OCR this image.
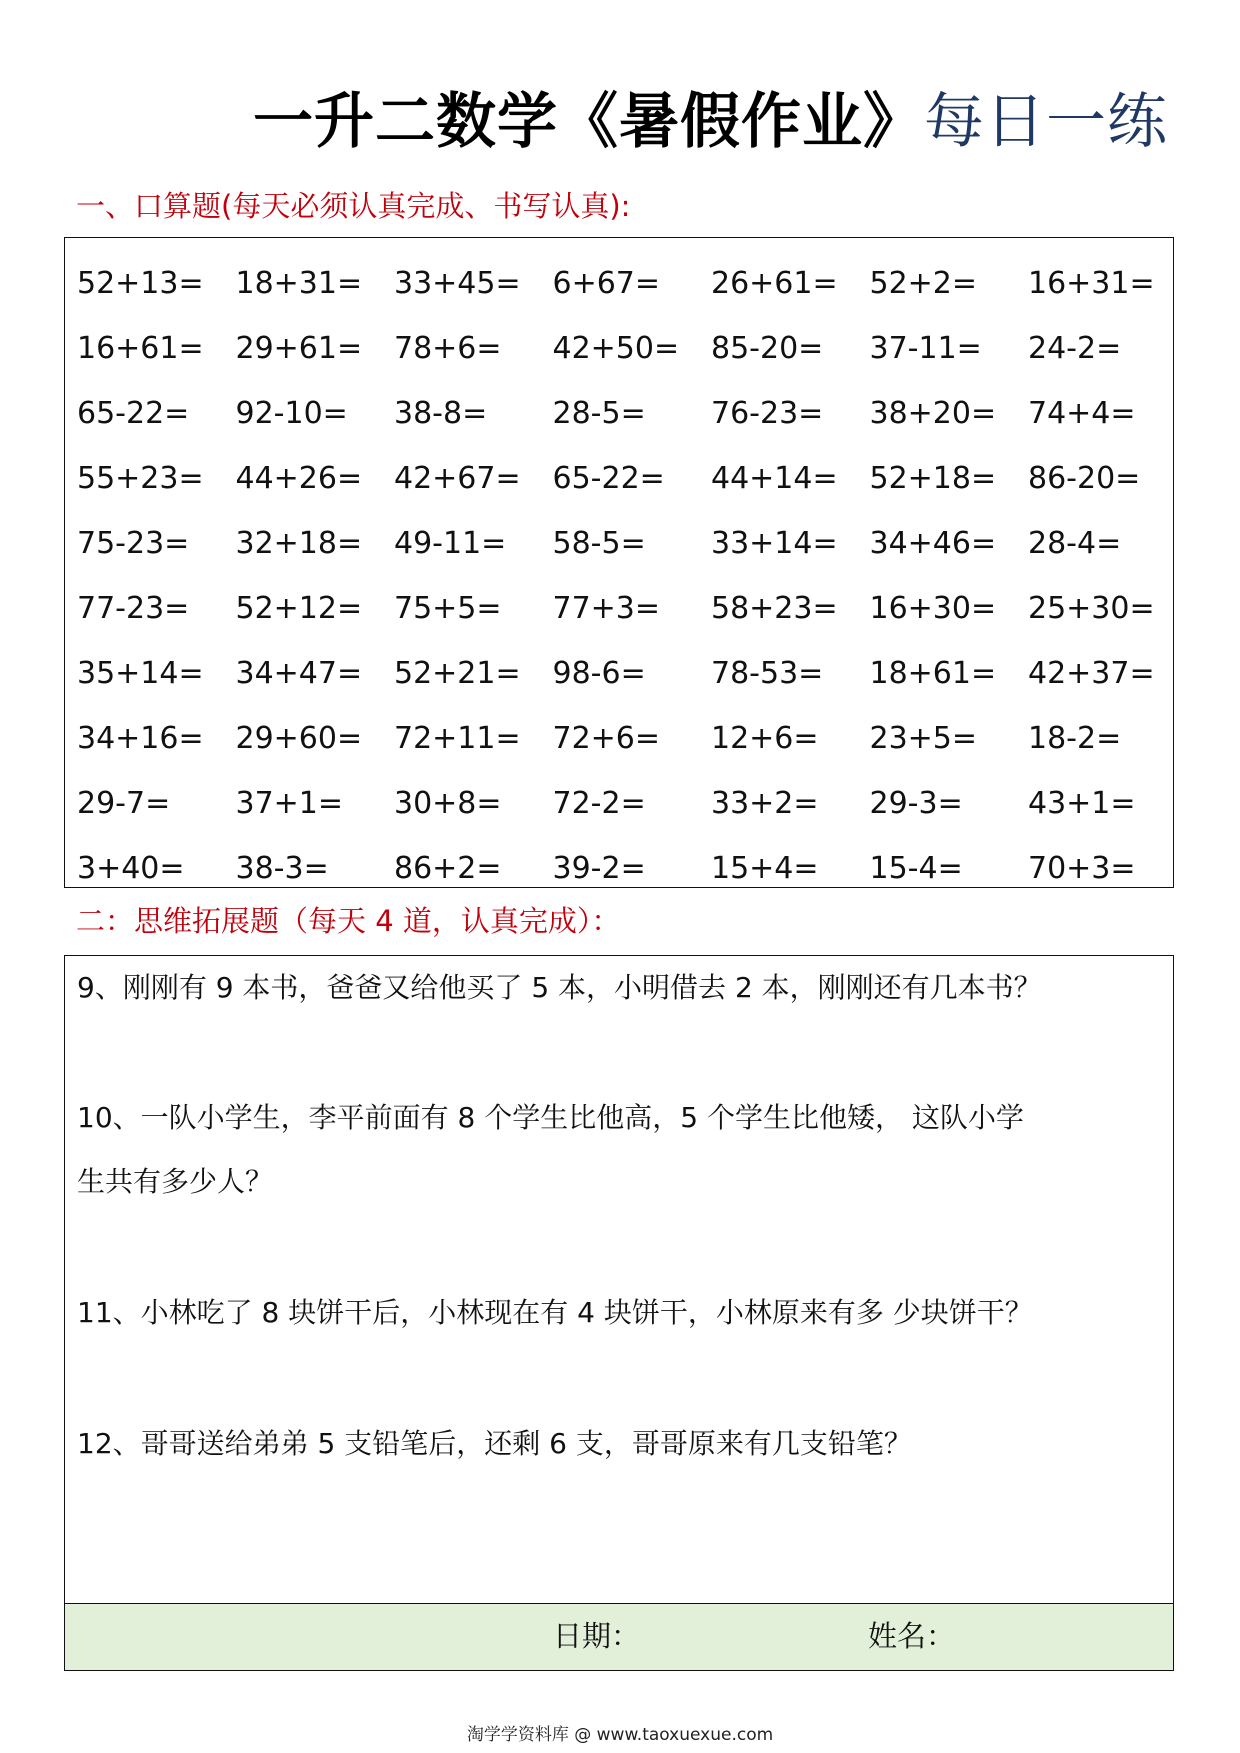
一升二数学《暑假作业》 每日一练
一、口算题(每天必须认真完成、书写认真):
52+13=	18+31=	33+45=	6+67=	26+61=	52+2=	16+31=
16+61=	29+61=	78+6=	42+50=	85-20=	37-11=	24-2=
65-22=	92-10=	38-8=	28-5=	76-23=	38+20=	74+4=
55+23=	44+26=	42+67=	65-22=	44+14=	52+18=	86-20=
75-23=	32+18=	49-11=	58-5=	33+14=	34+46=	28-4=
77-23=	52+12=	75+5=	77+3=	58+23=	16+30=	25+30=
35+14=	34+47=	52+21=	98-6=	78-53=	18+61=	42+37=
34+16=	29+60=	72+11=	72+6=	12+6=	23+5=	18-2=
29-7=	37+1=	30+8=	72-2=	33+2=	29-3=	43+1=
3+40=	38-3=	86+2=	39-2=	15+4=	15-4=	70+3=
二：思维拓展题（每天 4 道，认真完成）：
9、刚刚有 9 本书，爸爸又给他买了 5 本，小明借去 2 本，刚刚还有几本书？
10、一队小学生，李平前面有 8 个学生比他高，5 个学生比他矮， 这队小学
生共有多少人？
11、小林吃了 8 块饼干后，小林现在有 4 块饼干，小林原来有多 少块饼干？
12、哥哥送给弟弟 5 支铅笔后，还剩 6 支，哥哥原来有几支铅笔？
日期：	姓名：
淘学学资料库 @ www.taoxuexue.com
